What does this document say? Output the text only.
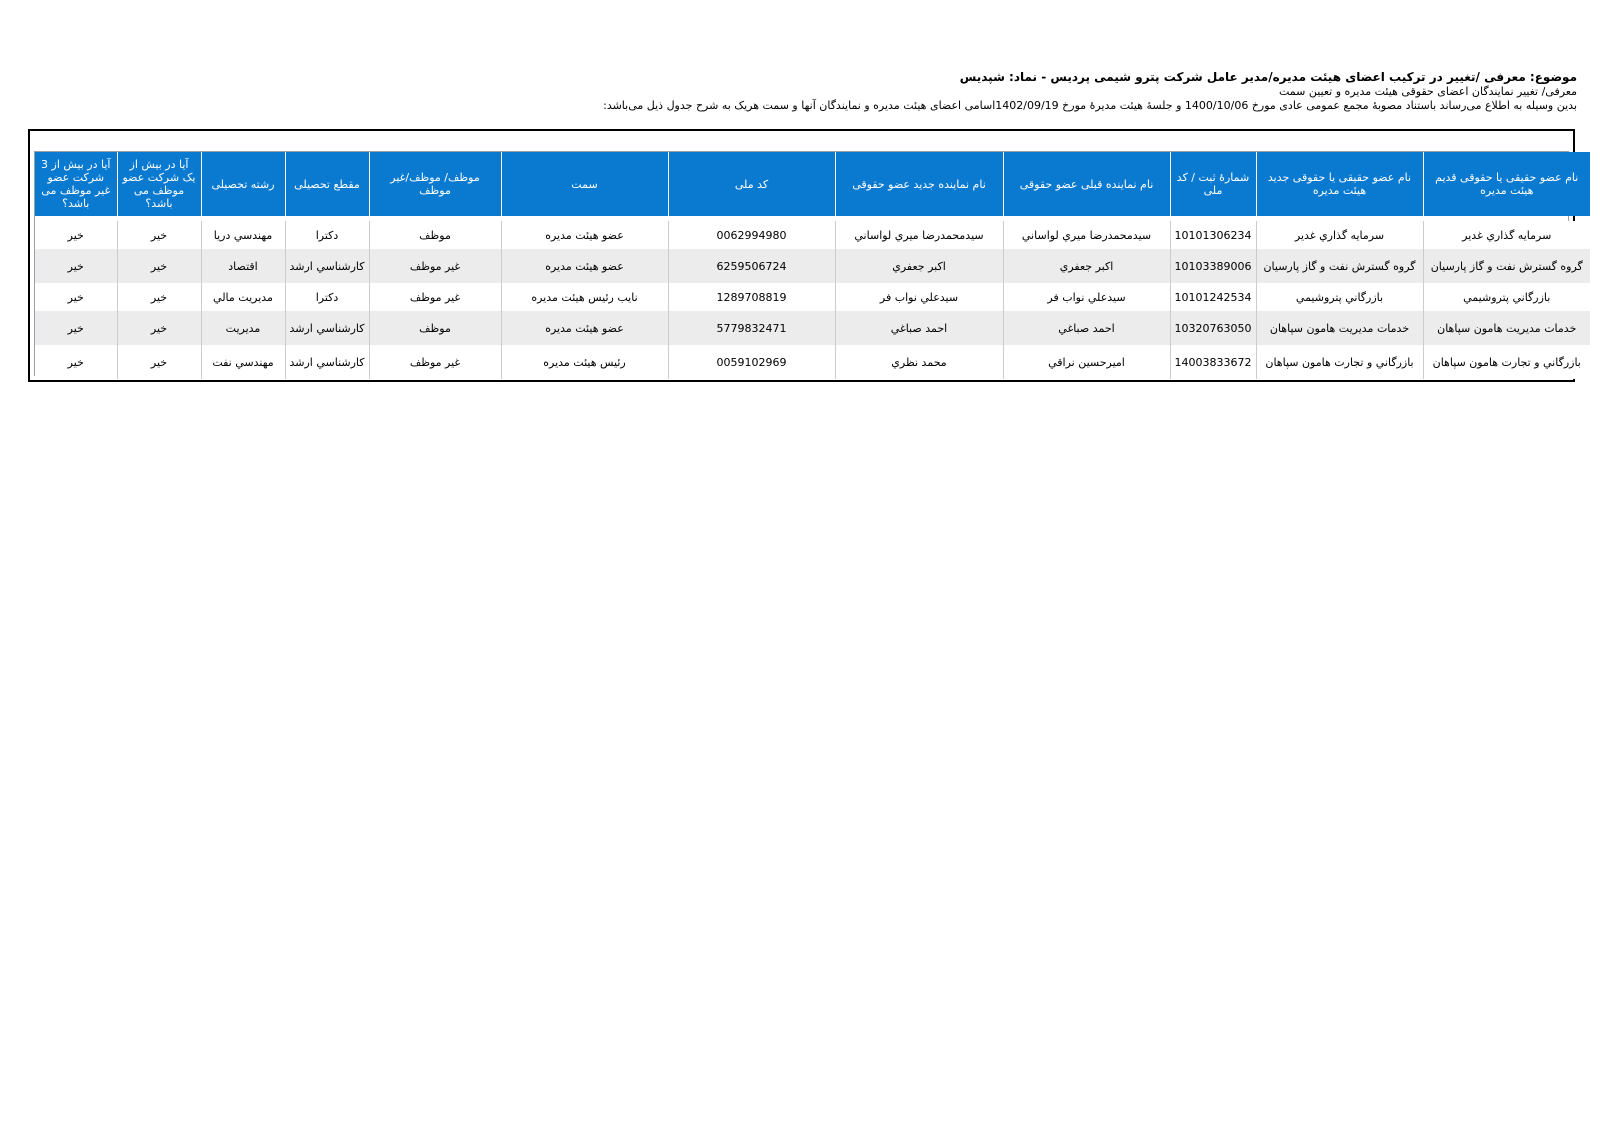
موضوع: معرفی /تغییر در ترکیب اعضای هیئت مدیره/مدیر عامل شرکت پترو شیمی پردیس - نماد: شپدیس
معرفی/ تغییر نمایندگان اعضای حقوقی هیئت مدیره و تعیین سمت
بدین وسیله به اطلاع می‌رساند باستناد مصوبهٔ مجمع عمومی عادی مورخ 1400/10/06 و جلسهٔ هیئت مدیرهٔ مورخ 1402/09/19اسامی اعضای هیئت مدیره و نمایندگان آنها و سمت هریک به شرح جدول ذیل می‌باشد:
نام عضو حقیقی یا حقوقی قدیم هیئت مدیره	نام عضو حقیقی یا حقوقی جدید هیئت مدیره	شمارهٔ ثبت / کد ملی	نام نماینده قبلی عضو حقوقی	نام نماینده جدید عضو حقوقی	کد ملی	سمت	موظف/ موظف/غیر موظف	مقطع تحصیلی	رشته تحصیلی	آیا در بیش از یک شرکت عضو موظف می باشد؟	آیا در بیش از 3 شرکت عضو غیر موظف می باشد؟

سرمایه گذاري غدیر	سرمایه گذاري غدیر	10101306234	سیدمحمدرضا میري لواساني	سیدمحمدرضا میري لواساني	0062994980	عضو هیئت مدیره	موظف	دکترا	مهندسي دریا	خیر	خیر
گروه گسترش نفت و گاز پارسیان	گروه گسترش نفت و گاز پارسیان	10103389006	اکبر جعفري	اکبر جعفري	6259506724	عضو هیئت مدیره	غیر موظف	کارشناسي ارشد	اقتصاد	خیر	خیر
بازرگاني پتروشیمي	بازرگاني پتروشیمي	10101242534	سیدعلي نواب فر	سیدعلي نواب فر	1289708819	نایب رئیس هیئت مدیره	غیر موظف	دکترا	مدیریت مالي	خیر	خیر
خدمات مدیریت هامون سپاهان	خدمات مدیریت هامون سپاهان	10320763050	احمد صباغي	احمد صباغي	5779832471	عضو هیئت مدیره	موظف	کارشناسي ارشد	مدیریت	خیر	خیر
بازرگاني و تجارت هامون سپاهان	بازرگاني و تجارت هامون سپاهان	14003833672	امیرحسین نراقي	محمد نظري	0059102969	رئیس هیئت مدیره	غیر موظف	کارشناسي ارشد	مهندسي نفت	خیر	خیر
